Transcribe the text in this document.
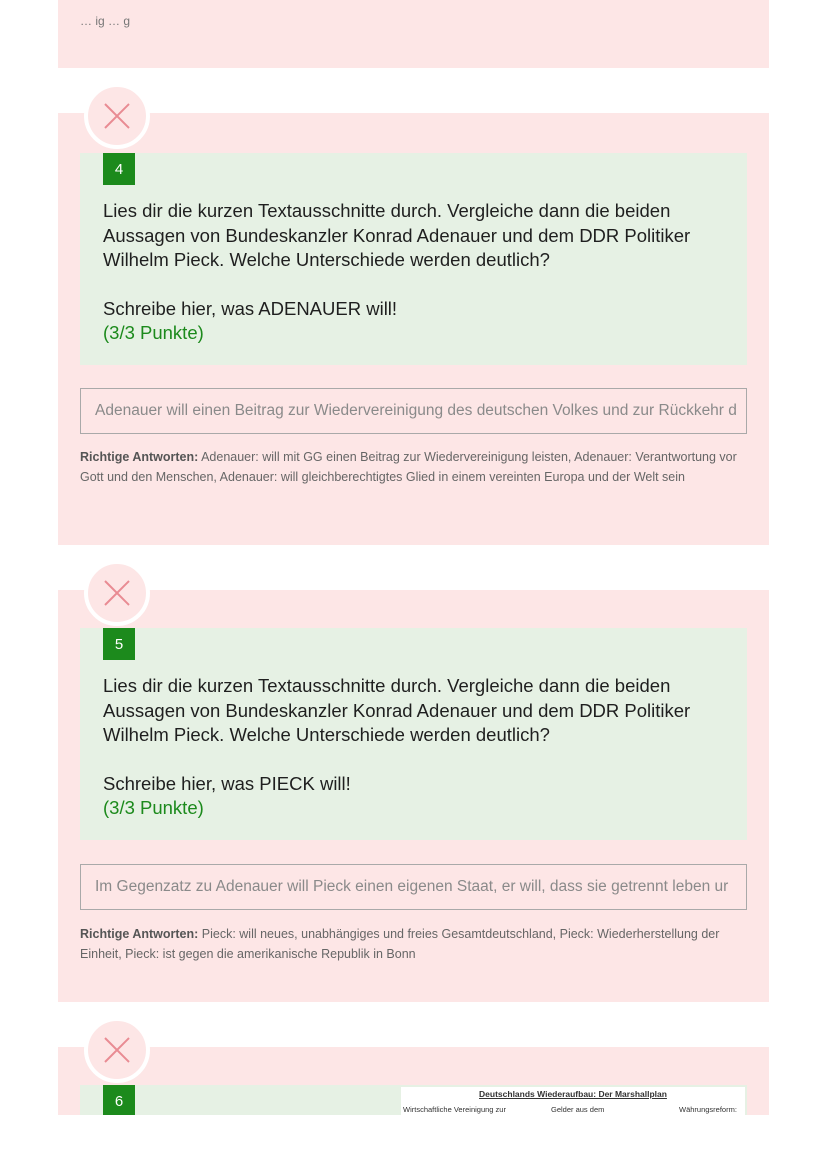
… ig … g
4
Lies dir die kurzen Textausschnitte durch. Vergleiche dann die beiden
Aussagen von Bundeskanzler Konrad Adenauer und dem DDR Politiker
Wilhelm Pieck. Welche Unterschiede werden deutlich?
Schreibe hier, was ADENAUER will!
(3/3 Punkte)
Adenauer will einen Beitrag zur Wiedervereinigung des deutschen Volkes und zur Rückkehr d
Richtige Antworten: Adenauer: will mit GG einen Beitrag zur Wiedervereinigung leisten, Adenauer: Verantwortung vor Gott und den Menschen, Adenauer: will gleichberechtigtes Glied in einem vereinten Europa und der Welt sein
5
Lies dir die kurzen Textausschnitte durch. Vergleiche dann die beiden
Aussagen von Bundeskanzler Konrad Adenauer und dem DDR Politiker
Wilhelm Pieck. Welche Unterschiede werden deutlich?
Schreibe hier, was PIECK will!
(3/3 Punkte)
Im Gegenzatz zu Adenauer will Pieck einen eigenen Staat, er will, dass sie getrennt leben ur
Richtige Antworten: Pieck: will neues, unabhängiges und freies Gesamtdeutschland, Pieck: Wiederherstellung der Einheit, Pieck: ist gegen die amerikanische Republik in Bonn
6	Deutschlands Wiederaufbau: Der Marshallplan
Wirtschaftliche Vereinigung zur	Gelder aus dem	Währungsreform:
